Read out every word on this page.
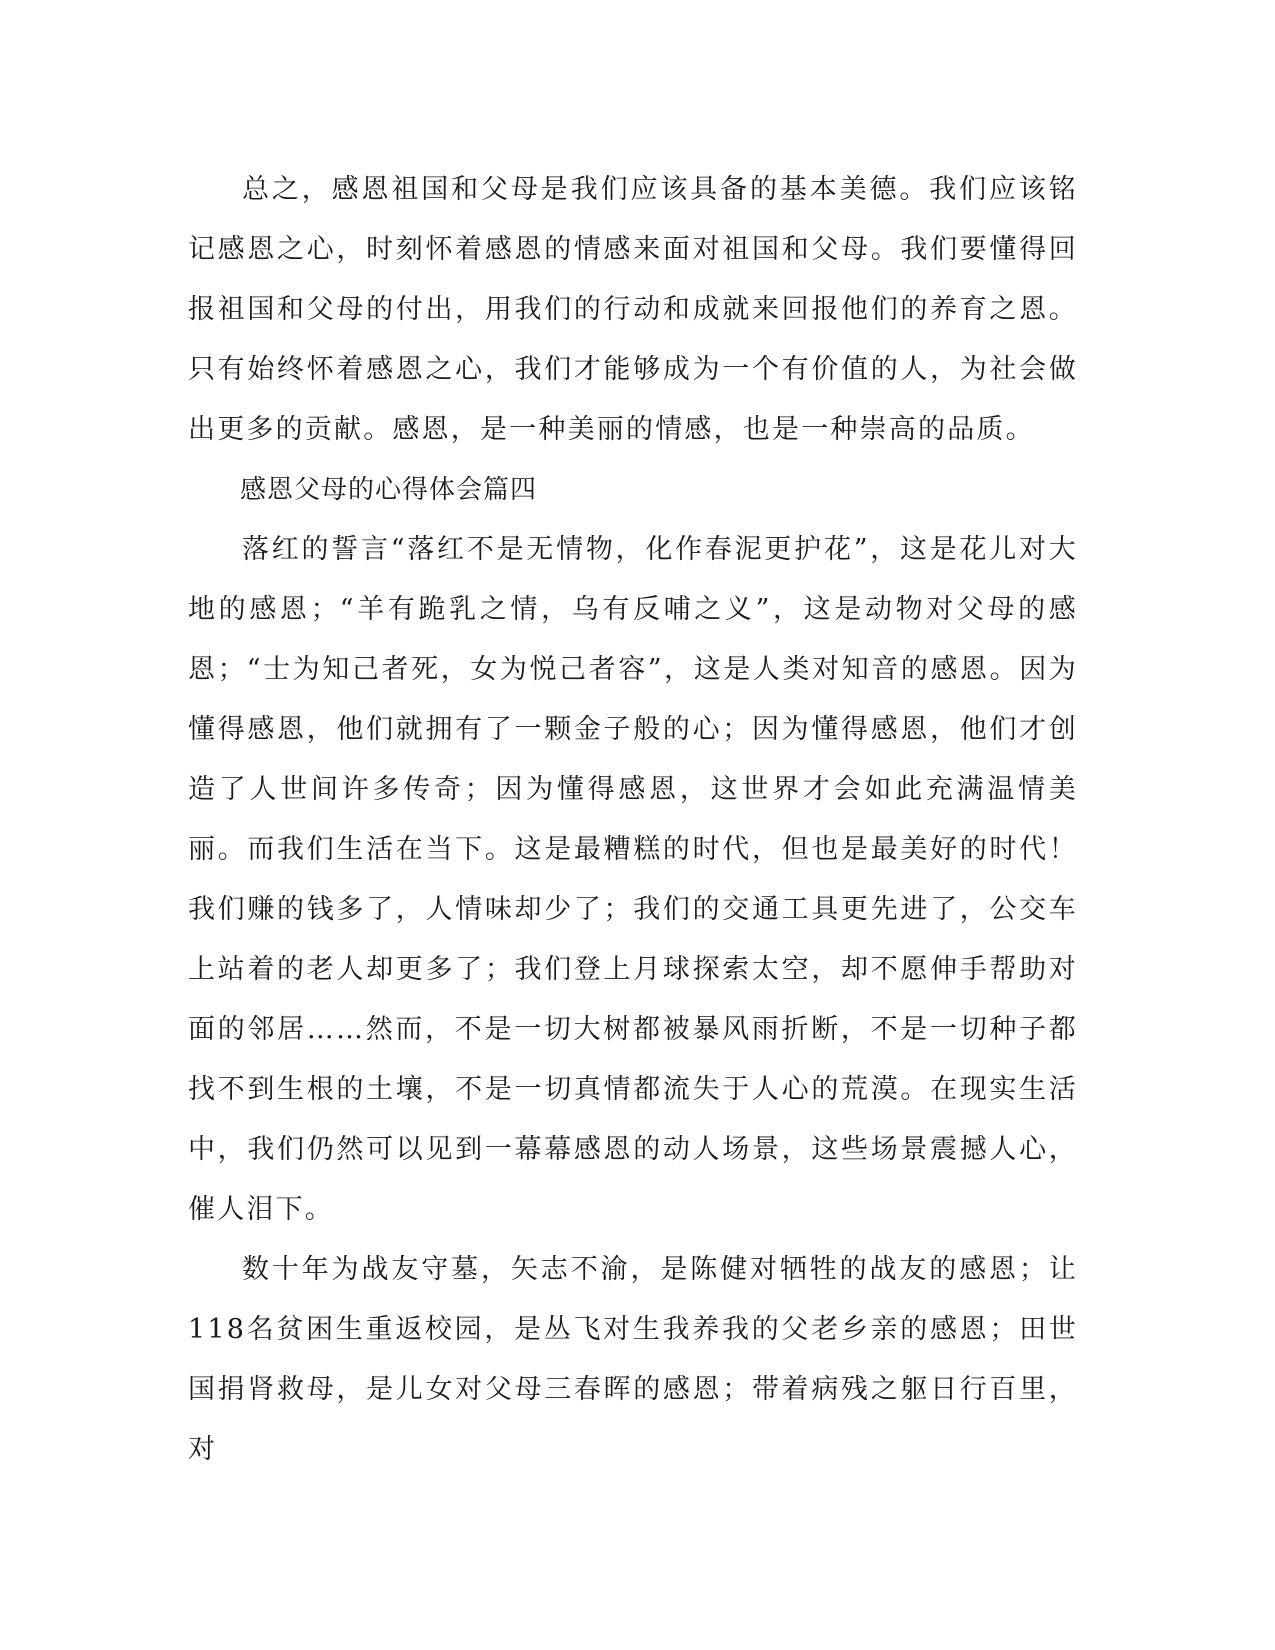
总之，感恩祖国和父母是我们应该具备的基本美德。我们应该铭记感恩之心，时刻怀着感恩的情感来面对祖国和父母。我们要懂得回报祖国和父母的付出，用我们的行动和成就来回报他们的养育之恩。只有始终怀着感恩之心，我们才能够成为一个有价值的人，为社会做出更多的贡献。感恩，是一种美丽的情感，也是一种崇高的品质。

感恩父母的心得体会篇四

落红的誓言“落红不是无情物，化作春泥更护花”，这是花儿对大地的感恩；“羊有跪乳之情，乌有反哺之义”，这是动物对父母的感恩；“士为知己者死，女为悦己者容”，这是人类对知音的感恩。因为懂得感恩，他们就拥有了一颗金子般的心；因为懂得感恩，他们才创造了人世间许多传奇；因为懂得感恩，这世界才会如此充满温情美丽。而我们生活在当下。这是最糟糕的时代，但也是最美好的时代！我们赚的钱多了，人情味却少了；我们的交通工具更先进了，公交车上站着的老人却更多了；我们登上月球探索太空，却不愿伸手帮助对面的邻居……然而，不是一切大树都被暴风雨折断，不是一切种子都找不到生根的土壤，不是一切真情都流失于人心的荒漠。在现实生活中，我们仍然可以见到一幕幕感恩的动人场景，这些场景震撼人心，催人泪下。

数十年为战友守墓，矢志不渝，是陈健对牺牲的战友的感恩；让118名贫困生重返校园，是丛飞对生我养我的父老乡亲的感恩；田世国捐肾救母，是儿女对父母三春晖的感恩；带着病残之躯日行百里，对
